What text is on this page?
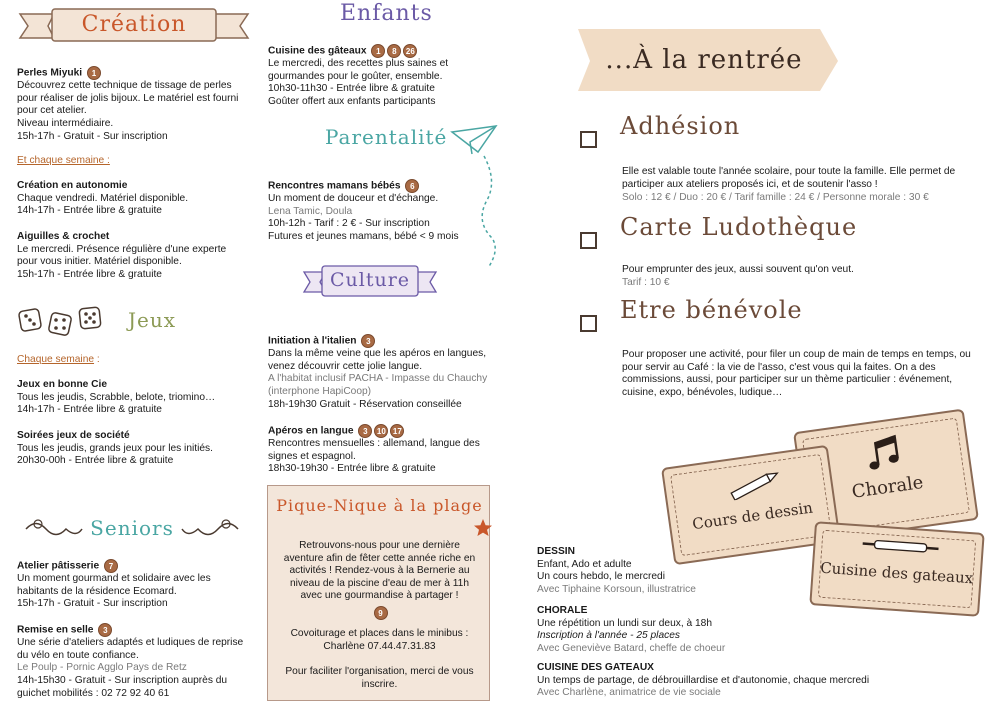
Création
Perles Miyuki 1
Découvrez cette technique de tissage de perles pour réaliser de jolis bijoux. Le matériel est fourni pour cet atelier.
Niveau intermédiaire.
15h-17h - Gratuit - Sur inscription
Et chaque semaine :
Création en autonomie
Chaque vendredi. Matériel disponible.
14h-17h - Entrée libre & gratuite
Aiguilles & crochet
Le mercredi. Présence régulière d'une experte pour vous initier. Matériel disponible.
15h-17h - Entrée libre & gratuite
Jeux
Chaque semaine :
Jeux en bonne Cie
Tous les jeudis, Scrabble, belote, triomino…
14h-17h - Entrée libre & gratuite
Soirées jeux de société
Tous les jeudis, grands jeux pour les initiés.
20h30-00h - Entrée libre & gratuite
Seniors
Atelier pâtisserie 7
Un moment gourmand et solidaire avec les habitants de la résidence Ecomard.
15h-17h - Gratuit - Sur inscription
Remise en selle 3
Une série d'ateliers adaptés et ludiques de reprise du vélo en toute confiance.
Le Poulp - Pornic Agglo Pays de Retz
14h-15h30 - Gratuit - Sur inscription auprès du guichet mobilités : 02 72 92 40 61
Enfants
Cuisine des gâteaux 1 8 26
Le mercredi, des recettes plus saines et gourmandes pour le goûter, ensemble.
10h30-11h30 - Entrée libre & gratuite
Goûter offert aux enfants participants
Parentalité
Rencontres mamans bébés 6
Un moment de douceur et d'échange.
Lena Tamic, Doula
10h-12h - Tarif : 2 € - Sur inscription
Futures et jeunes mamans, bébé < 9 mois
Culture
Initiation à l'italien 3
Dans la même veine que les apéros en langues, venez découvrir cette jolie langue.
A l'habitat inclusif PACHA - Impasse du Chauchy (interphone HapiCoop)
18h-19h30 Gratuit - Réservation conseillée
Apéros en langue 3 10 17
Rencontres mensuelles : allemand, langue des signes et espagnol.
18h30-19h30 - Entrée libre & gratuite
Pique-Nique à la plage
Retrouvons-nous pour une dernière aventure afin de fêter cette année riche en activités ! Rendez-vous à la Bernerie au niveau de la piscine d'eau de mer à 11h avec une gourmandise à partager !
9
Covoiturage et places dans le minibus : Charlène 07.44.47.31.83
Pour faciliter l'organisation, merci de vous inscrire.
...À la rentrée
Adhésion
Elle est valable toute l'année scolaire, pour toute la famille. Elle permet de participer aux ateliers proposés ici, et de soutenir l'asso !
Solo : 12 € / Duo : 20 € / Tarif famille : 24 € / Personne morale : 30 €
Carte Ludothèque
Pour emprunter des jeux, aussi souvent qu'on veut.
Tarif : 10 €
Etre bénévole
Pour proposer une activité, pour filer un coup de main de temps en temps, ou pour servir au Café : la vie de l'asso, c'est vous qui la faites. On a des commissions, aussi, pour participer sur un thème particulier : événement, cuisine, expo, bénévoles, ludique…
Chorale
Cours de dessin
Cuisine des gateaux
DESSIN
Enfant, Ado et adulte
Un cours hebdo, le mercredi
Avec Tiphaine Korsoun, illustratrice
CHORALE
Une répétition un lundi sur deux, à 18h
Inscription à l'année - 25 places
Avec Geneviève Batard, cheffe de choeur
CUISINE DES GATEAUX
Un temps de partage, de débrouillardise et d'autonomie, chaque mercredi
Avec Charlène, animatrice de vie sociale
